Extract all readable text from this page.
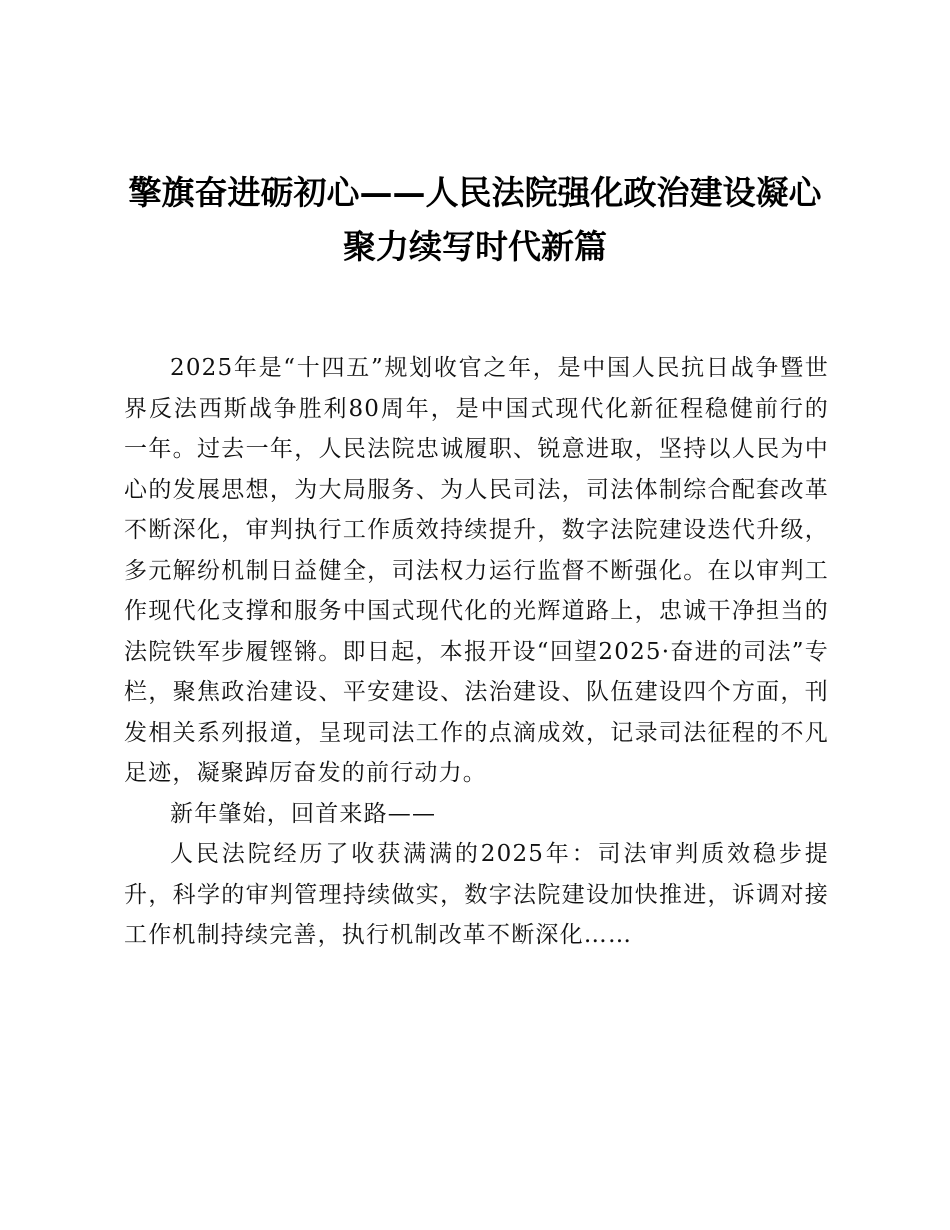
擎旗奋进砺初心——人民法院强化政治建设凝心聚力续写时代新篇

2025年是“十四五”规划收官之年，是中国人民抗日战争暨世界反法西斯战争胜利80周年，是中国式现代化新征程稳健前行的一年。过去一年，人民法院忠诚履职、锐意进取，坚持以人民为中心的发展思想，为大局服务、为人民司法，司法体制综合配套改革不断深化，审判执行工作质效持续提升，数字法院建设迭代升级，多元解纷机制日益健全，司法权力运行监督不断强化。在以审判工作现代化支撑和服务中国式现代化的光辉道路上，忠诚干净担当的法院铁军步履铿锵。即日起，本报开设“回望2025·奋进的司法”专栏，聚焦政治建设、平安建设、法治建设、队伍建设四个方面，刊发相关系列报道，呈现司法工作的点滴成效，记录司法征程的不凡足迹，凝聚踔厉奋发的前行动力。

新年肇始，回首来路——

人民法院经历了收获满满的2025年：司法审判质效稳步提升，科学的审判管理持续做实，数字法院建设加快推进，诉调对接工作机制持续完善，执行机制改革不断深化……
